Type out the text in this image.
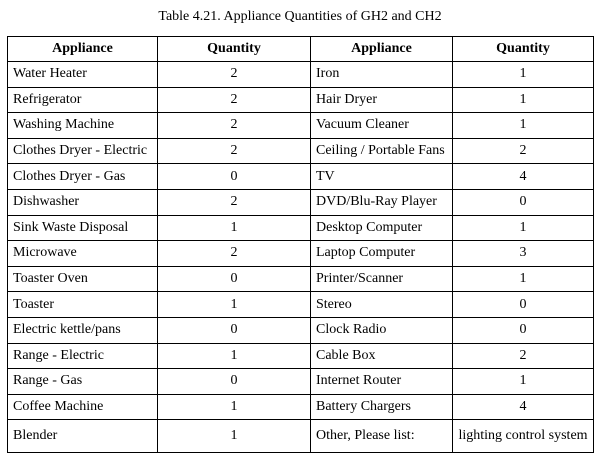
Table 4.21. Appliance Quantities of GH2 and CH2
Appliance	Quantity	Appliance	Quantity
Water Heater	2	Iron	1
Refrigerator	2	Hair Dryer	1
Washing Machine	2	Vacuum Cleaner	1
Clothes Dryer - Electric	2	Ceiling / Portable Fans	2
Clothes Dryer - Gas	0	TV	4
Dishwasher	2	DVD/Blu-Ray Player	0
Sink Waste Disposal	1	Desktop Computer	1
Microwave	2	Laptop Computer	3
Toaster Oven	0	Printer/Scanner	1
Toaster	1	Stereo	0
Electric kettle/pans	0	Clock Radio	0
Range - Electric	1	Cable Box	2
Range - Gas	0	Internet Router	1
Coffee Machine	1	Battery Chargers	4
Blender	1	Other, Please list:	lighting control system
